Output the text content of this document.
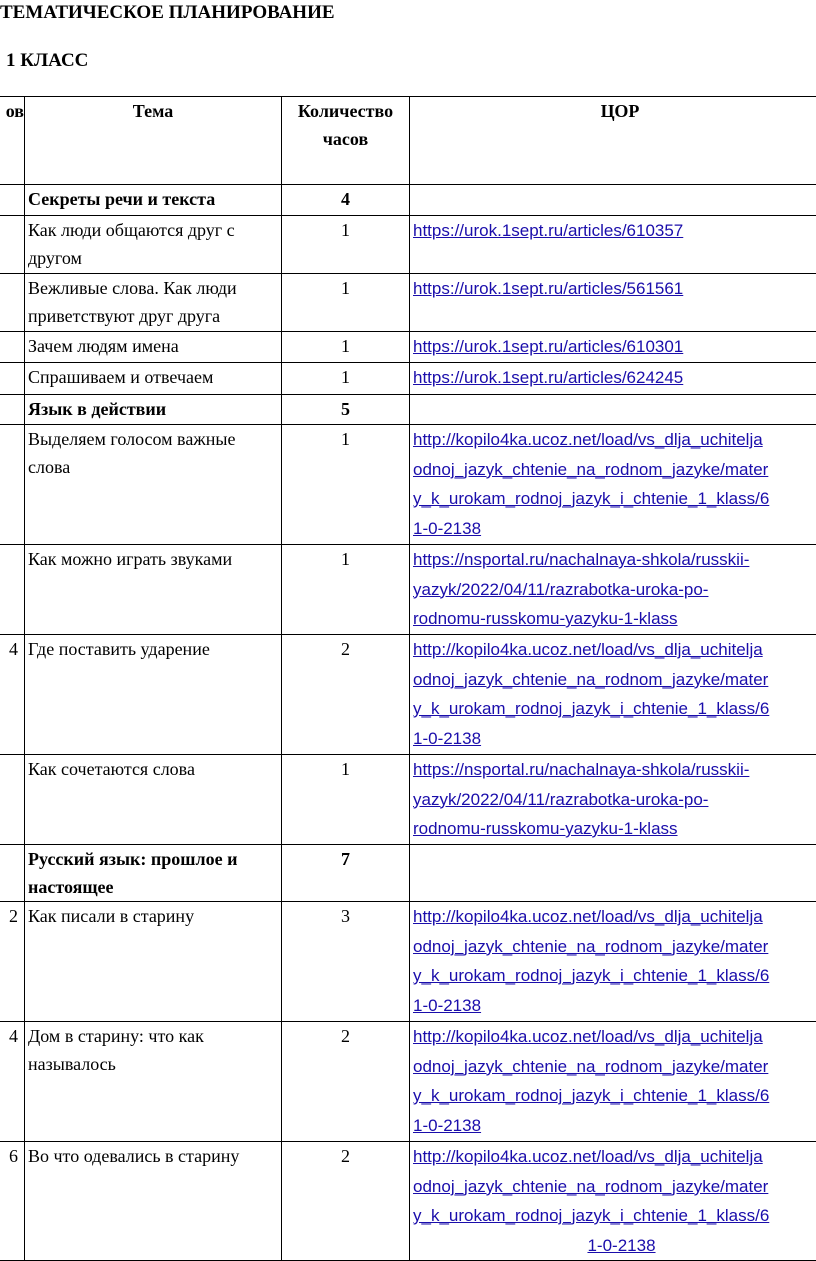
ТЕМАТИЧЕСКОЕ ПЛАНИРОВАНИЕ
1 КЛАСС
ов	Тема	Количество часов	ЦОР
	Секреты речи и текста	4	
	Как люди общаются друг с другом	1	https://urok.1sept.ru/articles/610357

	Вежливые слова. Как люди приветствуют друг друга	1	https://urok.1sept.ru/articles/561561

	Зачем людям имена	1	https://urok.1sept.ru/articles/610301

	Спрашиваем и отвечаем	1	https://urok.1sept.ru/articles/624245

	Язык в действии	5	
	Выделяем голосом важные слова	1	http://kopilo4ka.ucoz.net/load/vs_dlja_uchitelja
odnoj_jazyk_chtenie_na_rodnom_jazyke/mater
y_k_urokam_rodnoj_jazyk_i_chtenie_1_klass/6
1-0-2138

	Как можно играть звуками	1	https://nsportal.ru/nachalnaya-shkola/russkii-
yazyk/2022/04/11/razrabotka-uroka-po-
rodnomu-russkomu-yazyku-1-klass

4	Где поставить ударение	2	http://kopilo4ka.ucoz.net/load/vs_dlja_uchitelja
odnoj_jazyk_chtenie_na_rodnom_jazyke/mater
y_k_urokam_rodnoj_jazyk_i_chtenie_1_klass/6
1-0-2138

	Как сочетаются слова	1	https://nsportal.ru/nachalnaya-shkola/russkii-
yazyk/2022/04/11/razrabotka-uroka-po-
rodnomu-russkomu-yazyku-1-klass

	Русский язык: прошлое и настоящее	7	
2	Как писали в старину	3	http://kopilo4ka.ucoz.net/load/vs_dlja_uchitelja
odnoj_jazyk_chtenie_na_rodnom_jazyke/mater
y_k_urokam_rodnoj_jazyk_i_chtenie_1_klass/6
1-0-2138

4	Дом в старину: что как называлось	2	http://kopilo4ka.ucoz.net/load/vs_dlja_uchitelja
odnoj_jazyk_chtenie_na_rodnom_jazyke/mater
y_k_urokam_rodnoj_jazyk_i_chtenie_1_klass/6
1-0-2138

6	Во что одевались в старину	2	http://kopilo4ka.ucoz.net/load/vs_dlja_uchitelja
odnoj_jazyk_chtenie_na_rodnom_jazyke/mater
y_k_urokam_rodnoj_jazyk_i_chtenie_1_klass/6
1-0-2138
